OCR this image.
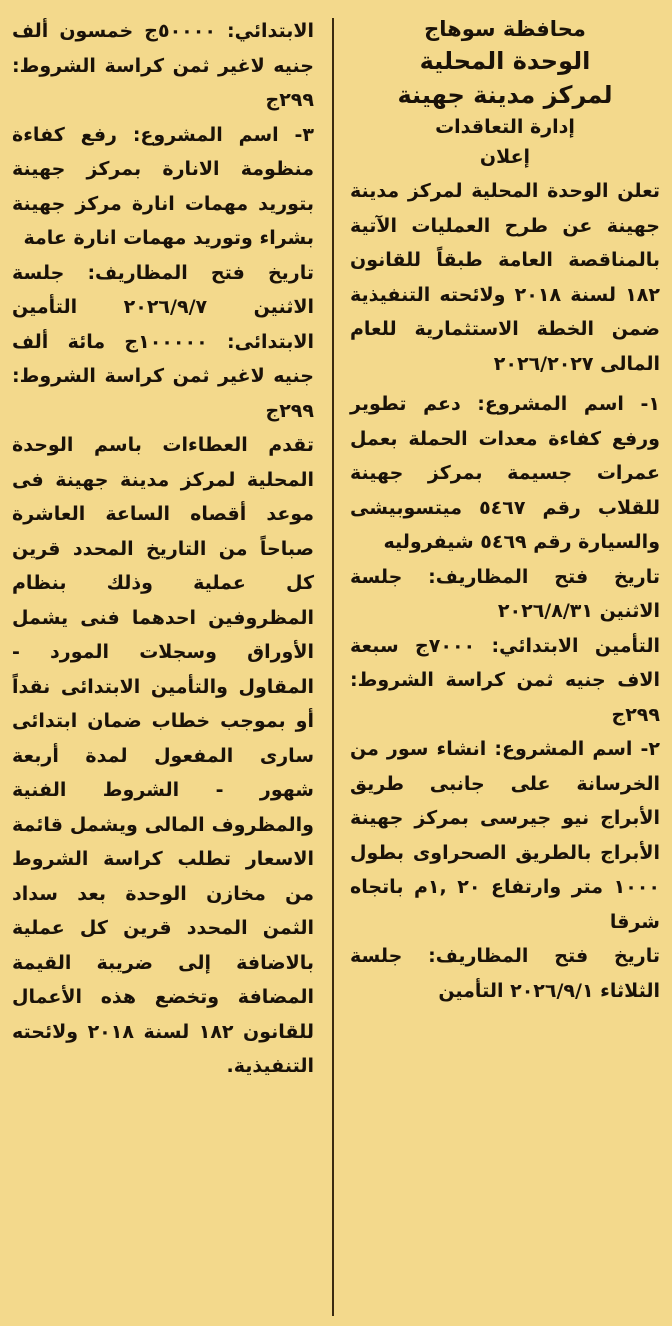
محافظة سوهاج
الوحدة المحلية
لمركز مدينة جهينة
إدارة التعاقدات
إعلان

تعلن الوحدة المحلية لمركز مدينة جهينة عن طرح العمليات الآتية بالمناقصة العامة طبقاً للقانون ١٨٢ لسنة ٢٠١٨ ولائحته التنفيذية ضمن الخطة الاستثمارية للعام المالى ٢٠٢٦/٢٠٢٧

١- اسم المشروع: دعم تطوير ورفع كفاءة معدات الحملة بعمل عمرات جسيمة بمركز جهينة للقلاب رقم ٥٤٦٧ ميتسوبيشى والسيارة رقم ٥٤٦٩ شيفروليه

تاريخ فتح المظاريف: جلسة الاثنين ٢٠٢٦/٨/٣١

التأمين الابتدائي: ٧٠٠٠ج سبعة الاف جنيه ثمن كراسة الشروط: ٢٩٩ج

٢- اسم المشروع: انشاء سور من الخرسانة على جانبى طريق الأبراج نيو جيرسى بمركز جهينة الأبراج بالطريق الصحراوى بطول ١٠٠٠ متر وارتفاع ٢٠ ,١م باتجاه شرقا

تاريخ فتح المظاريف: جلسة الثلاثاء ٢٠٢٦/٩/١ التأمين

الابتدائي: ٥٠٠٠٠ج خمسون ألف جنيه لاغير ثمن كراسة الشروط: ٢٩٩ج

٣- اسم المشروع: رفع كفاءة منظومة الانارة بمركز جهينة بتوريد مهمات انارة مركز جهينة بشراء وتوريد مهمات انارة عامة

تاريخ فتح المظاريف: جلسة الاثنين ٢٠٢٦/٩/٧ التأمين الابتدائى: ١٠٠٠٠٠ج مائة ألف جنيه لاغير ثمن كراسة الشروط: ٢٩٩ج

تقدم العطاءات باسم الوحدة المحلية لمركز مدينة جهينة فى موعد أقصاه الساعة العاشرة صباحاً من التاريخ المحدد قرين كل عملية وذلك بنظام المظروفين احدهما فنى يشمل الأوراق وسجلات المورد - المقاول والتأمين الابتدائى نقداً أو بموجب خطاب ضمان ابتدائى سارى المفعول لمدة أربعة شهور - الشروط الفنية والمظروف المالى ويشمل قائمة الاسعار تطلب كراسة الشروط من مخازن الوحدة بعد سداد الثمن المحدد قرين كل عملية بالاضافة إلى ضريبة القيمة المضافة وتخضع هذه الأعمال للقانون ١٨٢ لسنة ٢٠١٨ ولائحته التنفيذية.
